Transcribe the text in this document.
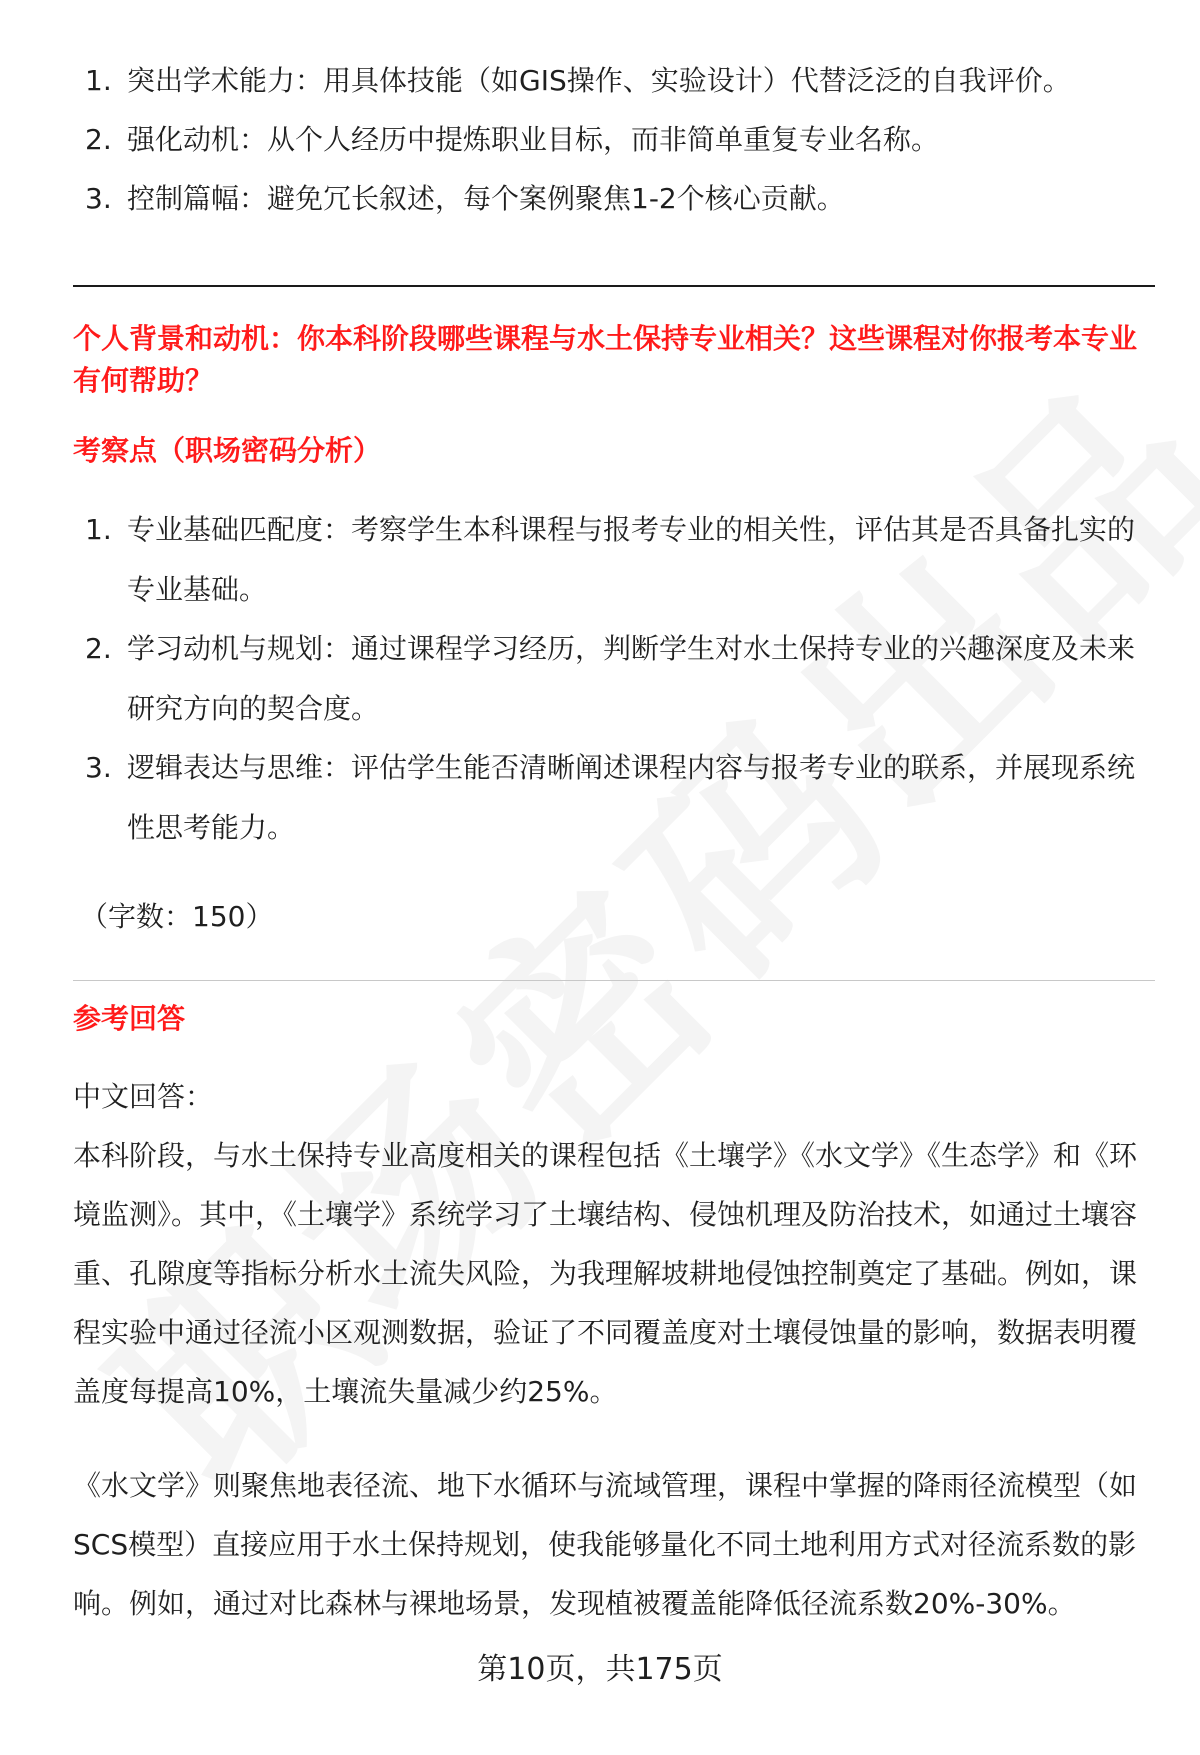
1. 突出学术能力：用具体技能（如GIS操作、实验设计）代替泛泛的自我评价。
2. 强化动机：从个人经历中提炼职业目标，而非简单重复专业名称。
3. 控制篇幅：避免冗长叙述，每个案例聚焦1-2个核心贡献。
个人背景和动机：你本科阶段哪些课程与水土保持专业相关？这些课程对你报考本专业有何帮助？
考察点（职场密码分析）
1. 专业基础匹配度：考察学生本科课程与报考专业的相关性，评估其是否具备扎实的专业基础。
2. 学习动机与规划：通过课程学习经历，判断学生对水土保持专业的兴趣深度及未来研究方向的契合度。
3. 逻辑表达与思维：评估学生能否清晰阐述课程内容与报考专业的联系，并展现系统性思考能力。
（字数：150）
参考回答
中文回答：
本科阶段，与水土保持专业高度相关的课程包括《土壤学》《水文学》《生态学》和《环境监测》。其中，《土壤学》系统学习了土壤结构、侵蚀机理及防治技术，如通过土壤容重、孔隙度等指标分析水土流失风险，为我理解坡耕地侵蚀控制奠定了基础。例如，课程实验中通过径流小区观测数据，验证了不同覆盖度对土壤侵蚀量的影响，数据表明覆盖度每提高10%，土壤流失量减少约25%。
《水文学》则聚焦地表径流、地下水循环与流域管理，课程中掌握的降雨径流模型（如SCS模型）直接应用于水土保持规划，使我能够量化不同土地利用方式对径流系数的影响。例如，通过对比森林与裸地场景，发现植被覆盖能降低径流系数20%-30%。
第10页，共175页
